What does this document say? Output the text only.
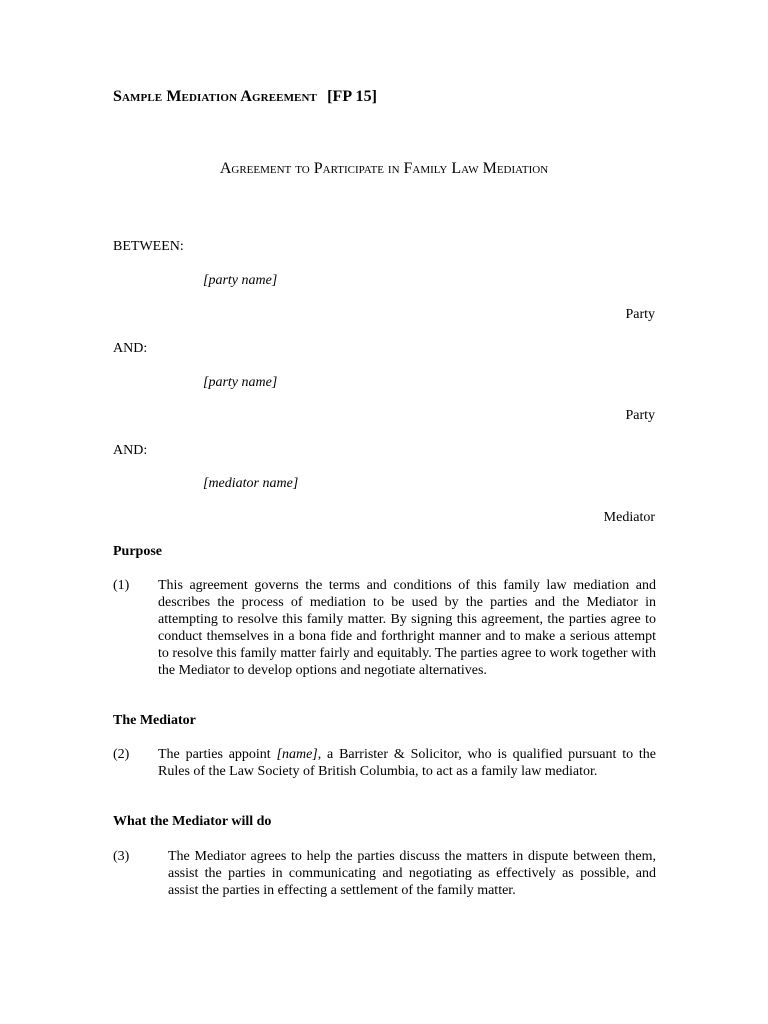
Sample Mediation Agreement [FP 15]
Agreement to Participate in Family Law Mediation
BETWEEN:
[party name]
Party
AND:
[party name]
Party
AND:
[mediator name]
Mediator
Purpose
(1) This agreement governs the terms and conditions of this family law mediation and describes the process of mediation to be used by the parties and the Mediator in attempting to resolve this family matter. By signing this agreement, the parties agree to conduct themselves in a bona fide and forthright manner and to make a serious attempt to resolve this family matter fairly and equitably. The parties agree to work together with the Mediator to develop options and negotiate alternatives.
The Mediator
(2) The parties appoint [name], a Barrister & Solicitor, who is qualified pursuant to the Rules of the Law Society of British Columbia, to act as a family law mediator.
What the Mediator will do
(3)	The Mediator agrees to help the parties discuss the matters in dispute between them, assist the parties in communicating and negotiating as effectively as possible, and assist the parties in effecting a settlement of the family matter.
